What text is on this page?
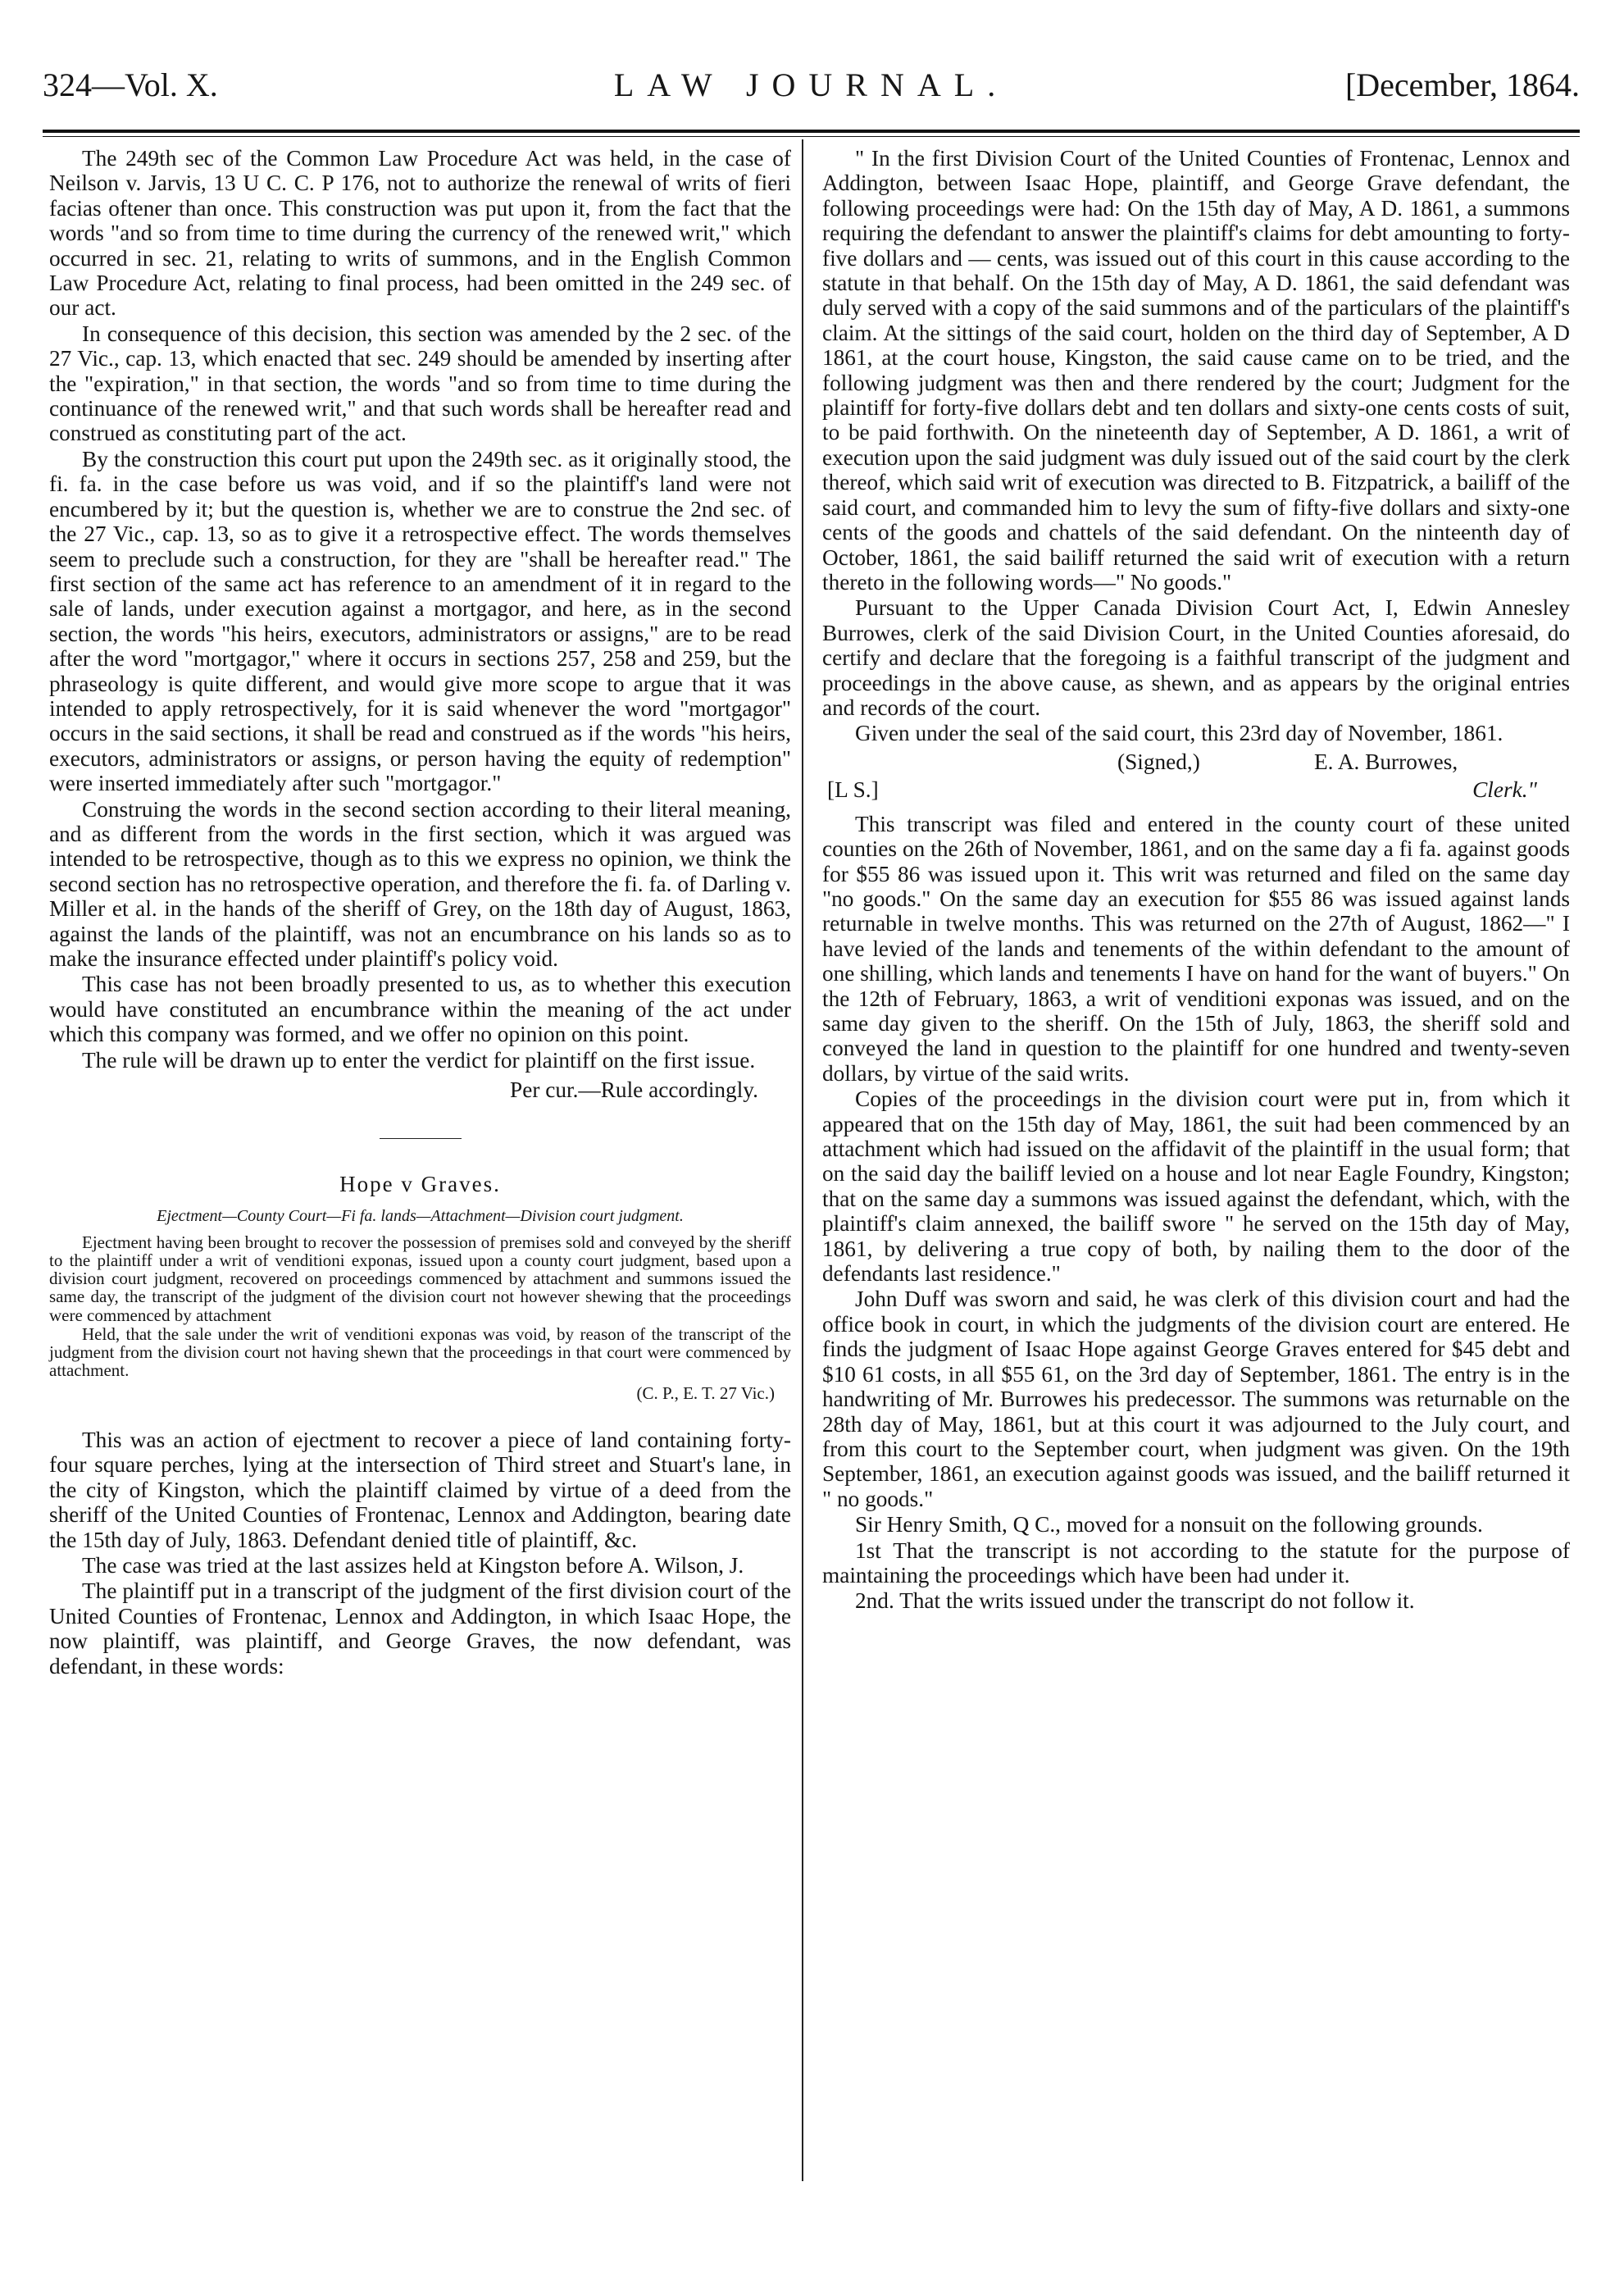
324—Vol. X.	LAW JOURNAL.	[December, 1864.

The 249th sec of the Common Law Procedure Act was held, in the case of Neilson v. Jarvis, 13 U C. C. P 176, not to authorize the renewal of writs of fieri facias oftener than once. This construction was put upon it, from the fact that the words "and so from time to time during the currency of the renewed writ," which occurred in sec. 21, relating to writs of summons, and in the English Common Law Procedure Act, relating to final process, had been omitted in the 249 sec. of our act.

In consequence of this decision, this section was amended by the 2 sec. of the 27 Vic., cap. 13, which enacted that sec. 249 should be amended by inserting after the "expiration," in that section, the words "and so from time to time during the continuance of the renewed writ," and that such words shall be hereafter read and construed as constituting part of the act.

By the construction this court put upon the 249th sec. as it originally stood, the fi. fa. in the case before us was void, and if so the plaintiff's land were not encumbered by it; but the question is, whether we are to construe the 2nd sec. of the 27 Vic., cap. 13, so as to give it a retrospective effect. The words themselves seem to preclude such a construction, for they are "shall be hereafter read." The first section of the same act has reference to an amendment of it in regard to the sale of lands, under execution against a mortgagor, and here, as in the second section, the words "his heirs, executors, administrators or assigns," are to be read after the word "mortgagor," where it occurs in sections 257, 258 and 259, but the phraseology is quite different, and would give more scope to argue that it was intended to apply retrospectively, for it is said whenever the word "mortgagor" occurs in the said sections, it shall be read and construed as if the words "his heirs, executors, administrators or assigns, or person having the equity of redemption" were inserted immediately after such "mortgagor."

Construing the words in the second section according to their literal meaning, and as different from the words in the first section, which it was argued was intended to be retrospective, though as to this we express no opinion, we think the second section has no retrospective operation, and therefore the fi. fa. of Darling v. Miller et al. in the hands of the sheriff of Grey, on the 18th day of August, 1863, against the lands of the plaintiff, was not an encumbrance on his lands so as to make the insurance effected under plaintiff's policy void.

This case has not been broadly presented to us, as to whether this execution would have constituted an encumbrance within the meaning of the act under which this company was formed, and we offer no opinion on this point.

The rule will be drawn up to enter the verdict for plaintiff on the first issue.

Per cur.—Rule accordingly.
Hope v Graves.
Ejectment—County Court—Fi fa. lands—Attachment—Division court judgment.

Ejectment having been brought to recover the possession of premises sold and conveyed by the sheriff to the plaintiff under a writ of venditioni exponas, issued upon a county court judgment, based upon a division court judgment, recovered on proceedings commenced by attachment and summons issued the same day, the transcript of the judgment of the division court not however shewing that the proceedings were commenced by attachment

Held, that the sale under the writ of venditioni exponas was void, by reason of the transcript of the judgment from the division court not having shewn that the proceedings in that court were commenced by attachment.

(C. P., E. T. 27 Vic.)

This was an action of ejectment to recover a piece of land containing forty-four square perches, lying at the intersection of Third street and Stuart's lane, in the city of Kingston, which the plaintiff claimed by virtue of a deed from the sheriff of the United Counties of Frontenac, Lennox and Addington, bearing date the 15th day of July, 1863. Defendant denied title of plaintiff, &c.

The case was tried at the last assizes held at Kingston before A. Wilson, J.

The plaintiff put in a transcript of the judgment of the first division court of the United Counties of Frontenac, Lennox and Addington, in which Isaac Hope, the now plaintiff, was plaintiff, and George Graves, the now defendant, was defendant, in these words:

" In the first Division Court of the United Counties of Frontenac, Lennox and Addington, between Isaac Hope, plaintiff, and George Grave defendant, the following proceedings were had: On the 15th day of May, A D. 1861, a summons requiring the defendant to answer the plaintiff's claims for debt amounting to forty-five dollars and — cents, was issued out of this court in this cause according to the statute in that behalf. On the 15th day of May, A D. 1861, the said defendant was duly served with a copy of the said summons and of the particulars of the plaintiff's claim. At the sittings of the said court, holden on the third day of September, A D 1861, at the court house, Kingston, the said cause came on to be tried, and the following judgment was then and there rendered by the court; Judgment for the plaintiff for forty-five dollars debt and ten dollars and sixty-one cents costs of suit, to be paid forthwith. On the nineteenth day of September, A D. 1861, a writ of execution upon the said judgment was duly issued out of the said court by the clerk thereof, which said writ of execution was directed to B. Fitzpatrick, a bailiff of the said court, and commanded him to levy the sum of fifty-five dollars and sixty-one cents of the goods and chattels of the said defendant. On the ninteenth day of October, 1861, the said bailiff returned the said writ of execution with a return thereto in the following words—" No goods."

Pursuant to the Upper Canada Division Court Act, I, Edwin Annesley Burrowes, clerk of the said Division Court, in the United Counties aforesaid, do certify and declare that the foregoing is a faithful transcript of the judgment and proceedings in the above cause, as shewn, and as appears by the original entries and records of the court.

Given under the seal of the said court, this 23rd day of November, 1861.

(Signed,)	E. A. Burrowes,
[L S.]	Clerk."

This transcript was filed and entered in the county court of these united counties on the 26th of November, 1861, and on the same day a fi fa. against goods for $55 86 was issued upon it. This writ was returned and filed on the same day "no goods." On the same day an execution for $55 86 was issued against lands returnable in twelve months. This was returned on the 27th of August, 1862—" I have levied of the lands and tenements of the within defendant to the amount of one shilling, which lands and tenements I have on hand for the want of buyers." On the 12th of February, 1863, a writ of venditioni exponas was issued, and on the same day given to the sheriff. On the 15th of July, 1863, the sheriff sold and conveyed the land in question to the plaintiff for one hundred and twenty-seven dollars, by virtue of the said writs.

Copies of the proceedings in the division court were put in, from which it appeared that on the 15th day of May, 1861, the suit had been commenced by an attachment which had issued on the affidavit of the plaintiff in the usual form; that on the said day the bailiff levied on a house and lot near Eagle Foundry, Kingston; that on the same day a summons was issued against the defendant, which, with the plaintiff's claim annexed, the bailiff swore " he served on the 15th day of May, 1861, by delivering a true copy of both, by nailing them to the door of the defendants last residence."

John Duff was sworn and said, he was clerk of this division court and had the office book in court, in which the judgments of the division court are entered. He finds the judgment of Isaac Hope against George Graves entered for $45 debt and $10 61 costs, in all $55 61, on the 3rd day of September, 1861. The entry is in the handwriting of Mr. Burrowes his predecessor. The summons was returnable on the 28th day of May, 1861, but at this court it was adjourned to the July court, and from this court to the September court, when judgment was given. On the 19th September, 1861, an execution against goods was issued, and the bailiff returned it " no goods."

Sir Henry Smith, Q C., moved for a nonsuit on the following grounds.

1st That the transcript is not according to the statute for the purpose of maintaining the proceedings which have been had under it.

2nd. That the writs issued under the transcript do not follow it.
